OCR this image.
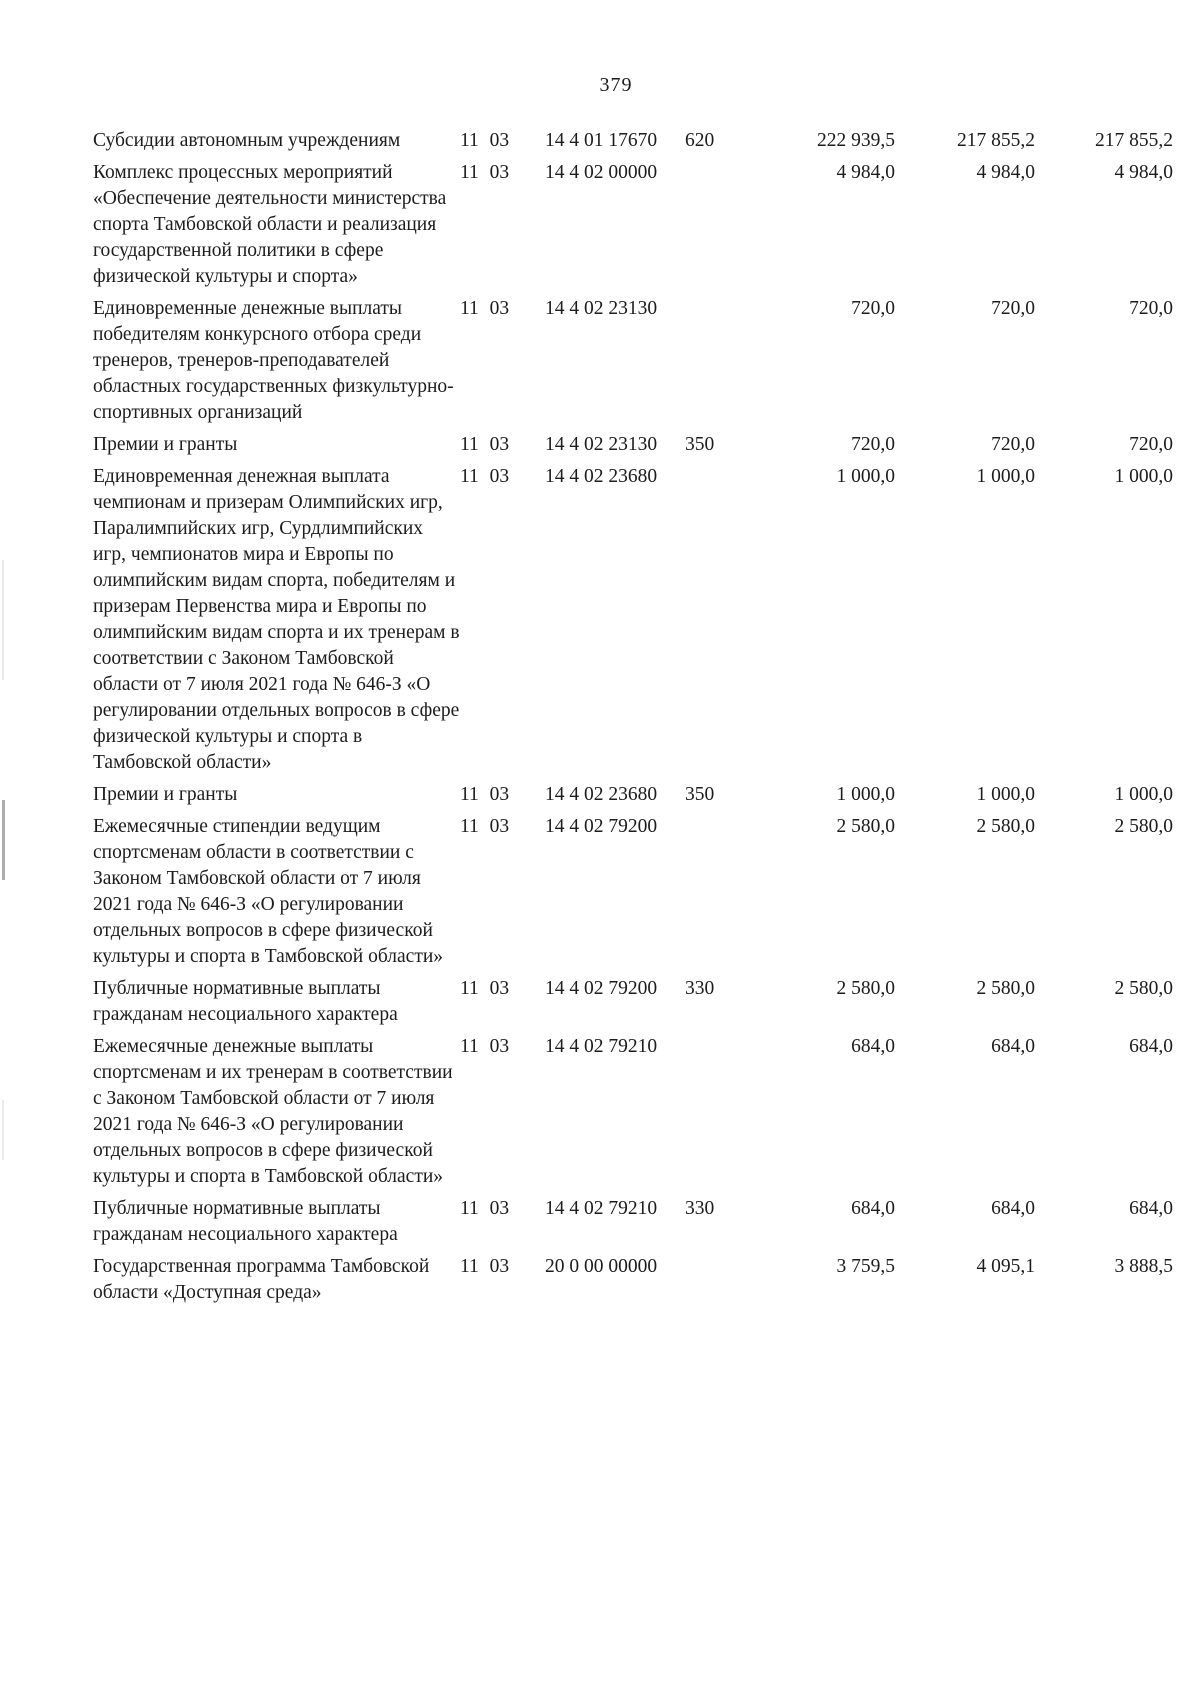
379
Субсидии автономным учреждениям	11 03	14 4 01 17670	620	222 939,5	217 855,2	217 855,2
Комплекс процессных мероприятий «Обеспечение деятельности министерства спорта Тамбовской области и реализация государственной политики в сфере физической культуры и спорта»	11 03	14 4 02 00000		4 984,0	4 984,0	4 984,0
Единовременные денежные выплаты победителям конкурсного отбора среди тренеров, тренеров-преподавателей областных государственных физкультурно-спортивных организаций	11 03	14 4 02 23130		720,0	720,0	720,0
Премии и гранты	11 03	14 4 02 23130	350	720,0	720,0	720,0
Единовременная денежная выплата чемпионам и призерам Олимпийских игр, Паралимпийских игр, Сурдлимпийских игр, чемпионатов мира и Европы по олимпийским видам спорта, победителям и призерам Первенства мира и Европы по олимпийским видам спорта и их тренерам в соответствии с Законом Тамбовской области от 7 июля 2021 года № 646-З «О регулировании отдельных вопросов в сфере физической культуры и спорта в Тамбовской области»	11 03	14 4 02 23680		1 000,0	1 000,0	1 000,0
Премии и гранты	11 03	14 4 02 23680	350	1 000,0	1 000,0	1 000,0
Ежемесячные стипендии ведущим спортсменам области в соответствии с Законом Тамбовской области от 7 июля 2021 года № 646-З «О регулировании отдельных вопросов в сфере физической культуры и спорта в Тамбовской области»	11 03	14 4 02 79200		2 580,0	2 580,0	2 580,0
Публичные нормативные выплаты гражданам несоциального характера	11 03	14 4 02 79200	330	2 580,0	2 580,0	2 580,0
Ежемесячные денежные выплаты спортсменам и их тренерам в соответствии с Законом Тамбовской области от 7 июля 2021 года № 646-З «О регулировании отдельных вопросов в сфере физической культуры и спорта в Тамбовской области»	11 03	14 4 02 79210		684,0	684,0	684,0
Публичные нормативные выплаты гражданам несоциального характера	11 03	14 4 02 79210	330	684,0	684,0	684,0
Государственная программа Тамбовской области «Доступная среда»	11 03	20 0 00 00000		3 759,5	4 095,1	3 888,5
